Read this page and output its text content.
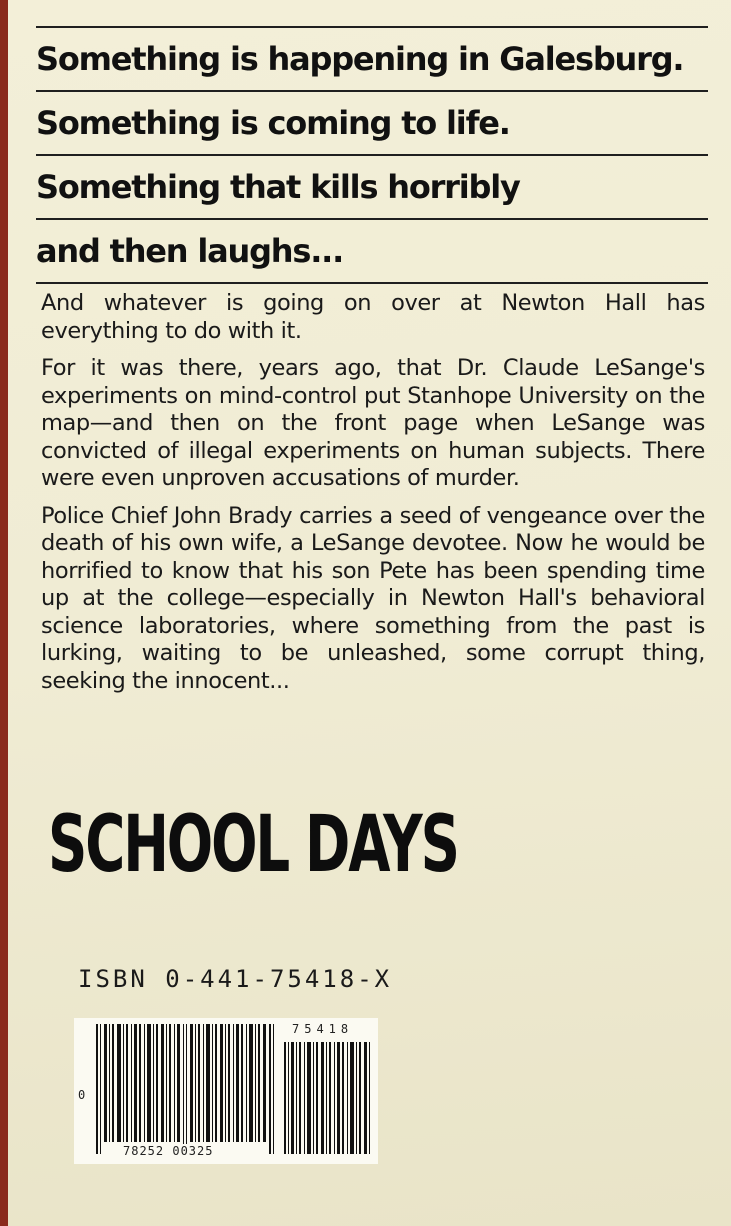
Something is happening in Galesburg.
Something is coming to life.
Something that kills horribly
and then laughs...

And whatever is going on over at Newton Hall has everything to do with it.

For it was there, years ago, that Dr. Claude LeSange's experiments on mind-control put Stanhope University on the map—and then on the front page when LeSange was convicted of illegal experiments on human subjects. There were even unproven accusations of murder.

Police Chief John Brady carries a seed of vengeance over the death of his own wife, a LeSange devotee. Now he would be horrified to know that his son Pete has been spending time up at the college—especially in Newton Hall's behavioral science laboratories, where something from the past is lurking, waiting to be unleashed, some corrupt thing, seeking the innocent...

SCHOOL DAYS
ISBN 0-441-75418-X
75418
0
78252 00325
